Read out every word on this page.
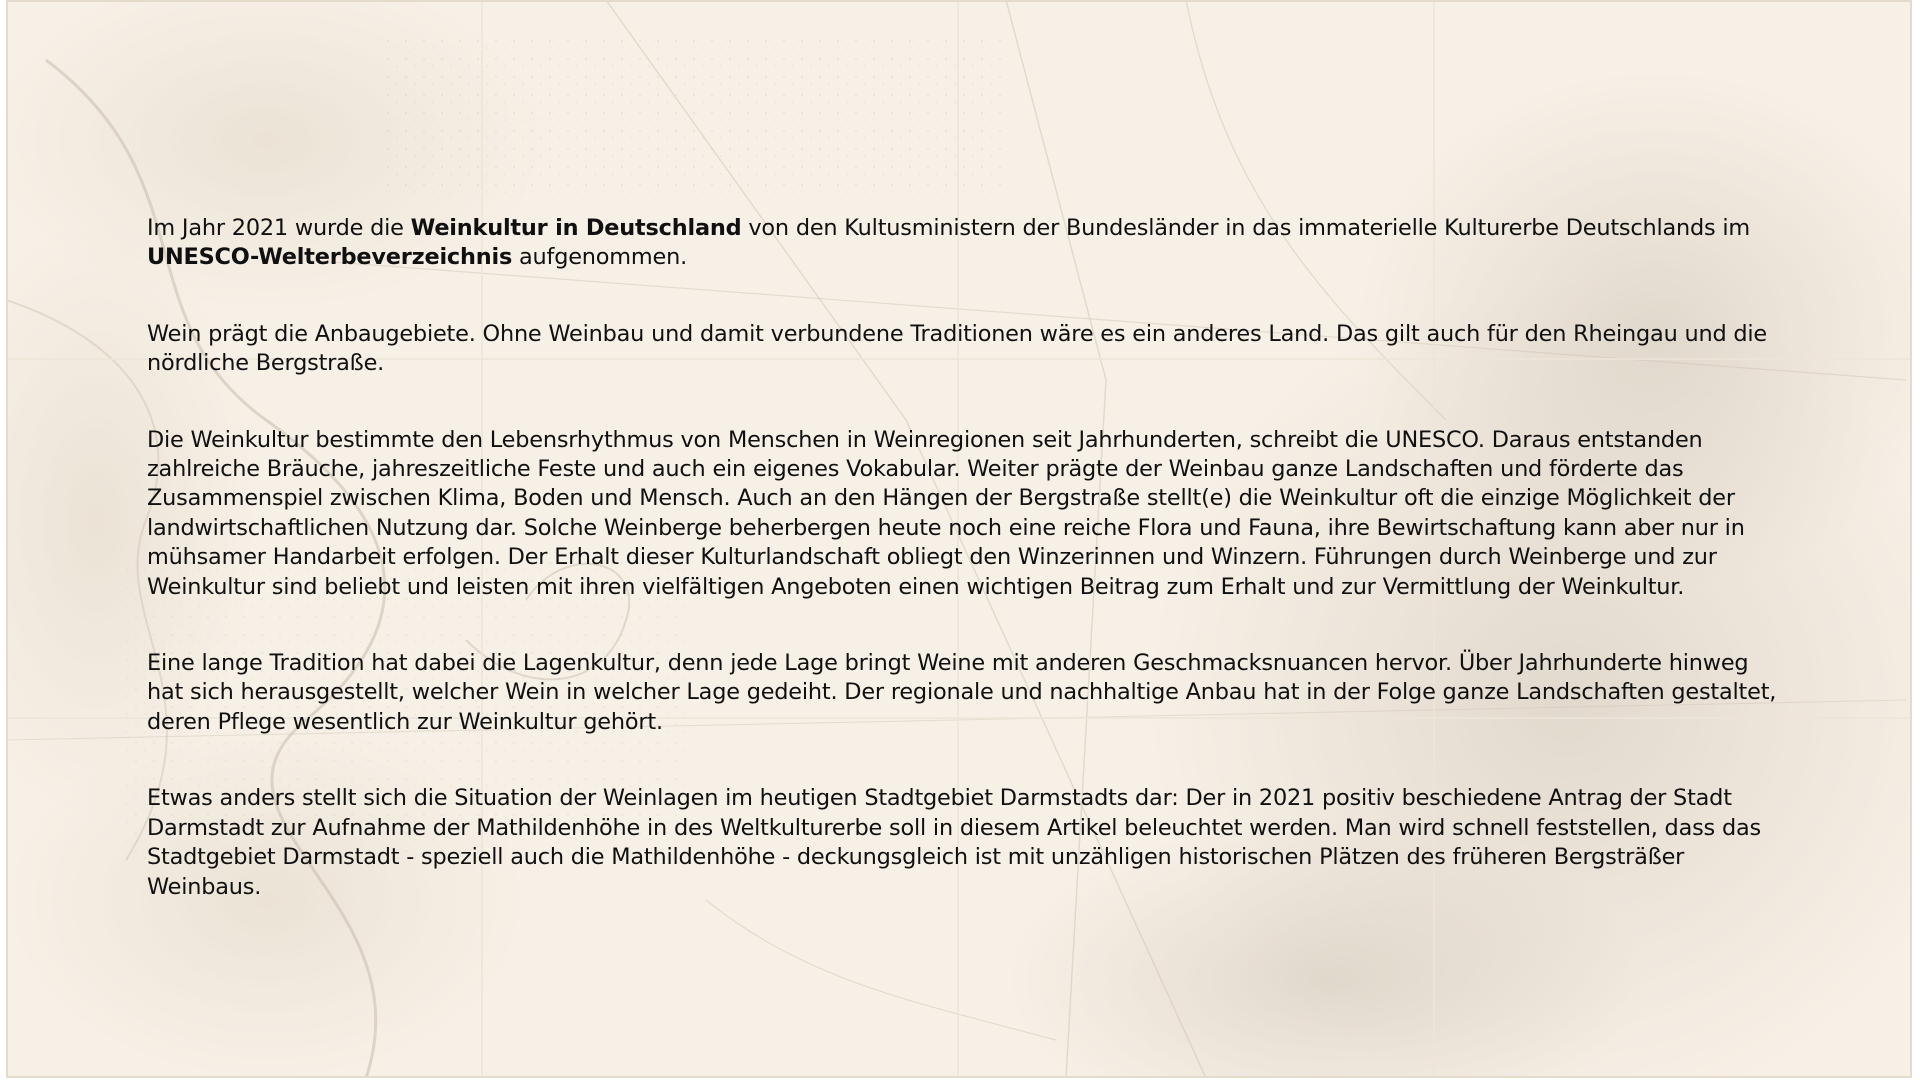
Im Jahr 2021 wurde die Weinkultur in Deutschland von den Kultusministern der Bundesländer in das immaterielle Kulturerbe Deutschlands im UNESCO-Welterbeverzeichnis aufgenommen.

Wein prägt die Anbaugebiete. Ohne Weinbau und damit verbundene Traditionen wäre es ein anderes Land. Das gilt auch für den Rheingau und die nördliche Bergstraße.

Die Weinkultur bestimmte den Lebensrhythmus von Menschen in Weinregionen seit Jahrhunderten, schreibt die UNESCO. Daraus entstanden zahlreiche Bräuche, jahreszeitliche Feste und auch ein eigenes Vokabular. Weiter prägte der Weinbau ganze Landschaften und förderte das Zusammenspiel zwischen Klima, Boden und Mensch. Auch an den Hängen der Bergstraße stellt(e) die Weinkultur oft die einzige Möglichkeit der landwirtschaftlichen Nutzung dar. Solche Weinberge beherbergen heute noch eine reiche Flora und Fauna, ihre Bewirtschaftung kann aber nur in mühsamer Handarbeit erfolgen. Der Erhalt dieser Kulturlandschaft obliegt den Winzerinnen und Winzern. Führungen durch Weinberge und zur Weinkultur sind beliebt und leisten mit ihren vielfältigen Angeboten einen wichtigen Beitrag zum Erhalt und zur Vermittlung der Weinkultur.

Eine lange Tradition hat dabei die Lagenkultur, denn jede Lage bringt Weine mit anderen Geschmacksnuancen hervor. Über Jahrhunderte hinweg hat sich herausgestellt, welcher Wein in welcher Lage gedeiht. Der regionale und nachhaltige Anbau hat in der Folge ganze Landschaften gestaltet, deren Pflege wesentlich zur Weinkultur gehört.

Etwas anders stellt sich die Situation der Weinlagen im heutigen Stadtgebiet Darmstadts dar: Der in 2021 positiv beschiedene Antrag der Stadt Darmstadt zur Aufnahme der Mathildenhöhe in des Weltkulturerbe soll in diesem Artikel beleuchtet werden. Man wird schnell feststellen, dass das Stadtgebiet Darmstadt - speziell auch die Mathildenhöhe - deckungsgleich ist mit unzähligen historischen Plätzen des früheren Bergsträßer Weinbaus.
